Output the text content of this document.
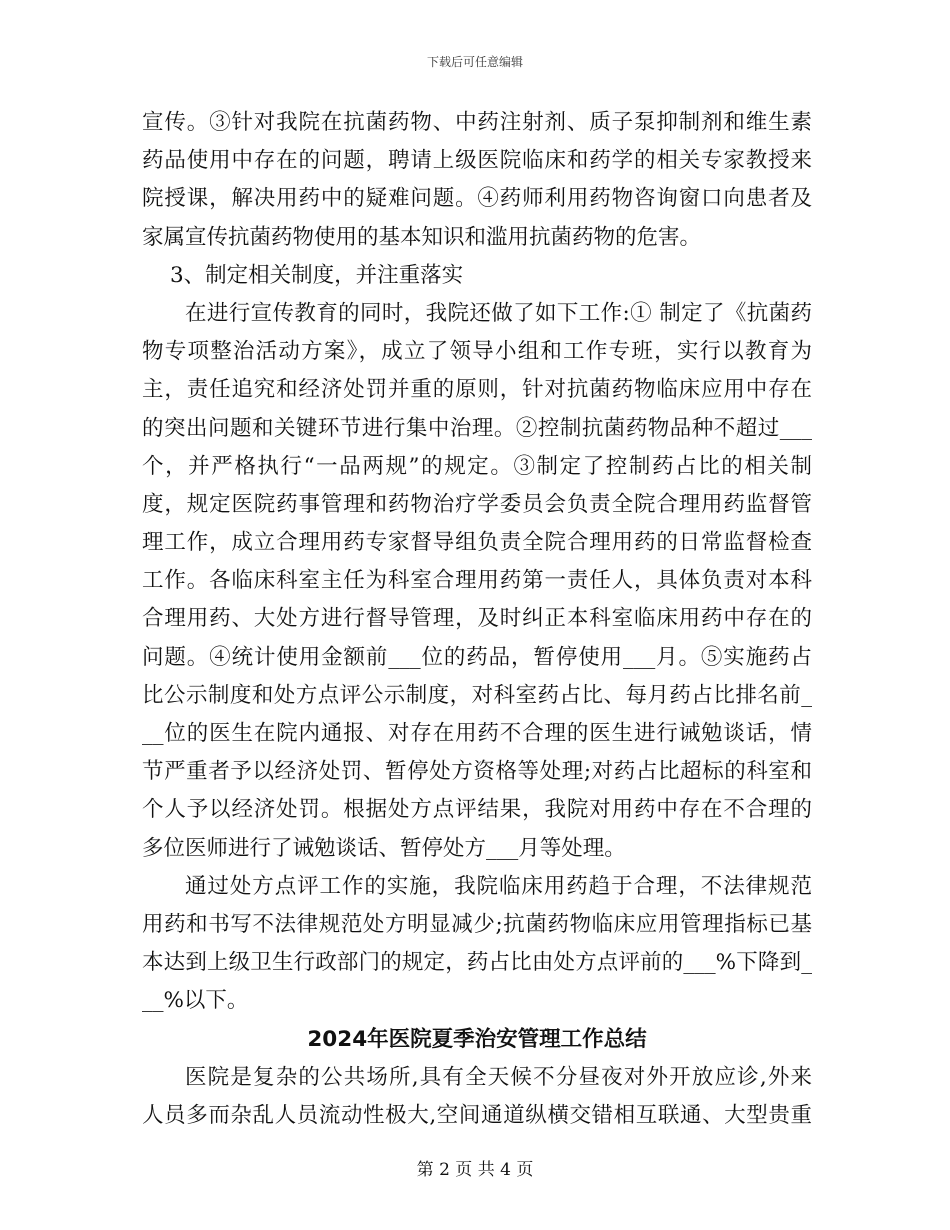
下载后可任意编辑
宣传。③针对我院在抗菌药物、中药注射剂、质子泵抑制剂和维生素
药品使用中存在的问题，聘请上级医院临床和药学的相关专家教授来
院授课，解决用药中的疑难问题。④药师利用药物咨询窗口向患者及
家属宣传抗菌药物使用的基本知识和滥用抗菌药物的危害。
3、制定相关制度，并注重落实
在进行宣传教育的同时，我院还做了如下工作:① 制定了《抗菌药
物专项整治活动方案》，成立了领导小组和工作专班，实行以教育为
主，责任追究和经济处罚并重的原则，针对抗菌药物临床应用中存在
的突出问题和关键环节进行集中治理。②控制抗菌药物品种不超过___
个，并严格执行“一品两规”的规定。③制定了控制药占比的相关制
度，规定医院药事管理和药物治疗学委员会负责全院合理用药监督管
理工作，成立合理用药专家督导组负责全院合理用药的日常监督检查
工作。各临床科室主任为科室合理用药第一责任人，具体负责对本科
合理用药、大处方进行督导管理，及时纠正本科室临床用药中存在的
问题。④统计使用金额前___位的药品，暂停使用___月。⑤实施药占
比公示制度和处方点评公示制度，对科室药占比、每月药占比排名前_
__位的医生在院内通报、对存在用药不合理的医生进行诫勉谈话，情
节严重者予以经济处罚、暂停处方资格等处理;对药占比超标的科室和
个人予以经济处罚。根据处方点评结果，我院对用药中存在不合理的
多位医师进行了诫勉谈话、暂停处方___月等处理。
通过处方点评工作的实施，我院临床用药趋于合理，不法律规范
用药和书写不法律规范处方明显减少;抗菌药物临床应用管理指标已基
本达到上级卫生行政部门的规定，药占比由处方点评前的___%下降到_
__%以下。
2024年医院夏季治安管理工作总结
医院是复杂的公共场所,具有全天候不分昼夜对外开放应诊,外来
人员多而杂乱人员流动性极大,空间通道纵横交错相互联通、大型贵重
第 2 页 共 4 页
